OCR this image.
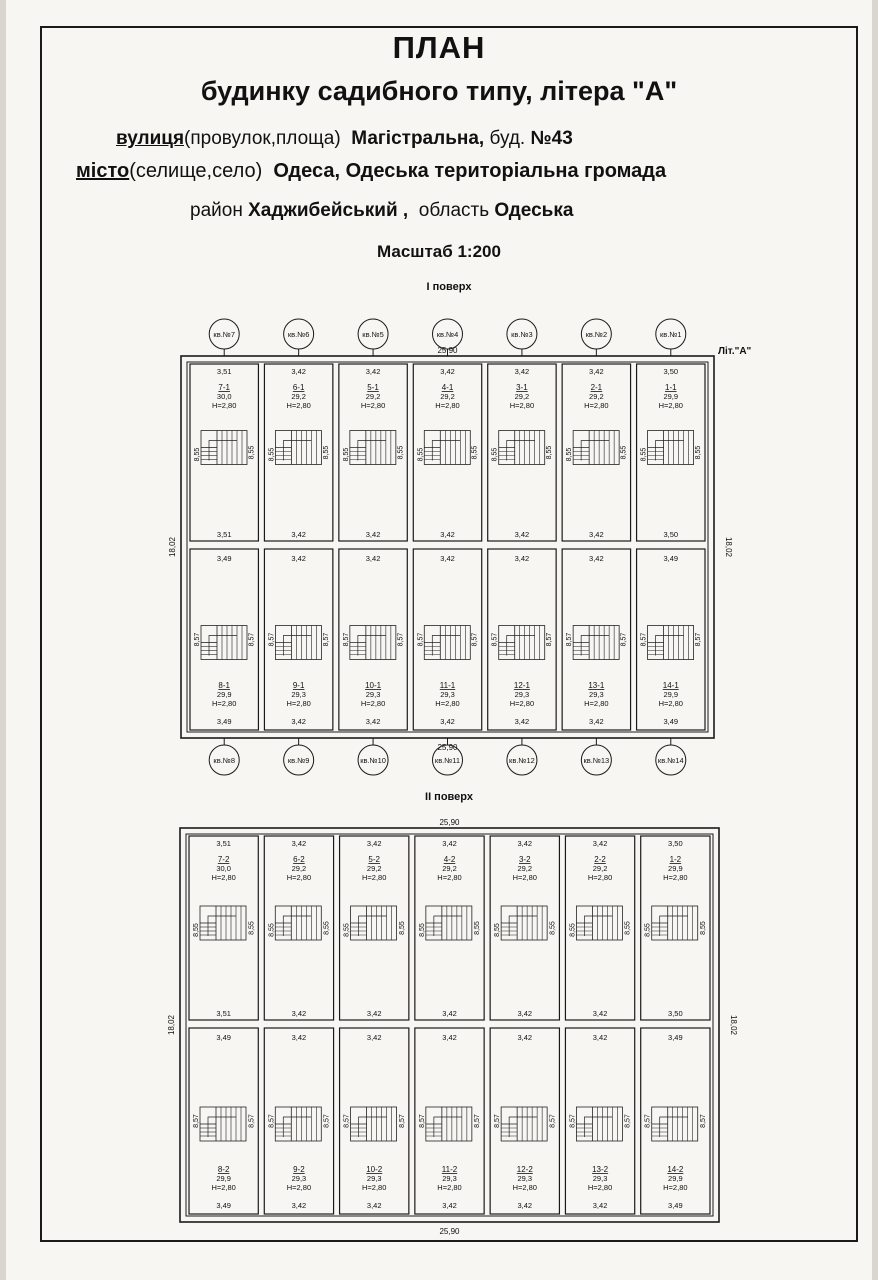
ПЛАН
будинку садибного типу, літера "А"
вулиця(провулок,площа) Магістральна, буд. №43
місто(селище,село) Одеса, Одеська територіальна громада
район Хаджибейський , область Одеська
Масштаб 1:200
I поверх
25,90
25,90
18,02	18,02
Літ."А"
3,51
7-1
30,0
H=2,80
8,55	8,55
3,51
3,49
8,57	8,57
8-1
29,9
H=2,80
3,49
кв.№7
кв.№8
3,42
6-1
29,2
H=2,80
8,55	8,55
3,42
3,42
8,57	8,57
9-1
29,3
H=2,80
3,42
кв.№6
кв.№9
3,42
5-1
29,2
H=2,80
8,55	8,55
3,42
3,42
8,57	8,57
10-1
29,3
H=2,80
3,42
кв.№5
кв.№10
3,42
4-1
29,2
H=2,80
8,55	8,55
3,42
3,42
8,57	8,57
11-1
29,3
H=2,80
3,42
кв.№4
кв.№11
3,42
3-1
29,2
H=2,80
8,55	8,55
3,42
3,42
8,57	8,57
12-1
29,3
H=2,80
3,42
кв.№3
кв.№12
3,42
2-1
29,2
H=2,80
8,55	8,55
3,42
3,42
8,57	8,57
13-1
29,3
H=2,80
3,42
кв.№2
кв.№13
3,50
1-1
29,9
H=2,80
8,55	8,55
3,50
3,49
8,57	8,57
14-1
29,9
H=2,80
3,49
кв.№1
кв.№14
II поверх
25,90
25,90
18,02	18,02
3,51
7-2
30,0
H=2,80
8,55	8,55
3,51
3,49
8,57	8,57
8-2
29,9
H=2,80
3,49
3,42
6-2
29,2
H=2,80
8,55	8,55
3,42
3,42
8,57	8,57
9-2
29,3
H=2,80
3,42
3,42
5-2
29,2
H=2,80
8,55	8,55
3,42
3,42
8,57	8,57
10-2
29,3
H=2,80
3,42
3,42
4-2
29,2
H=2,80
8,55	8,55
3,42
3,42
8,57	8,57
11-2
29,3
H=2,80
3,42
3,42
3-2
29,2
H=2,80
8,55	8,55
3,42
3,42
8,57	8,57
12-2
29,3
H=2,80
3,42
3,42
2-2
29,2
H=2,80
8,55	8,55
3,42
3,42
8,57	8,57
13-2
29,3
H=2,80
3,42
3,50
1-2
29,9
H=2,80
8,55	8,55
3,50
3,49
8,57	8,57
14-2
29,9
H=2,80
3,49
